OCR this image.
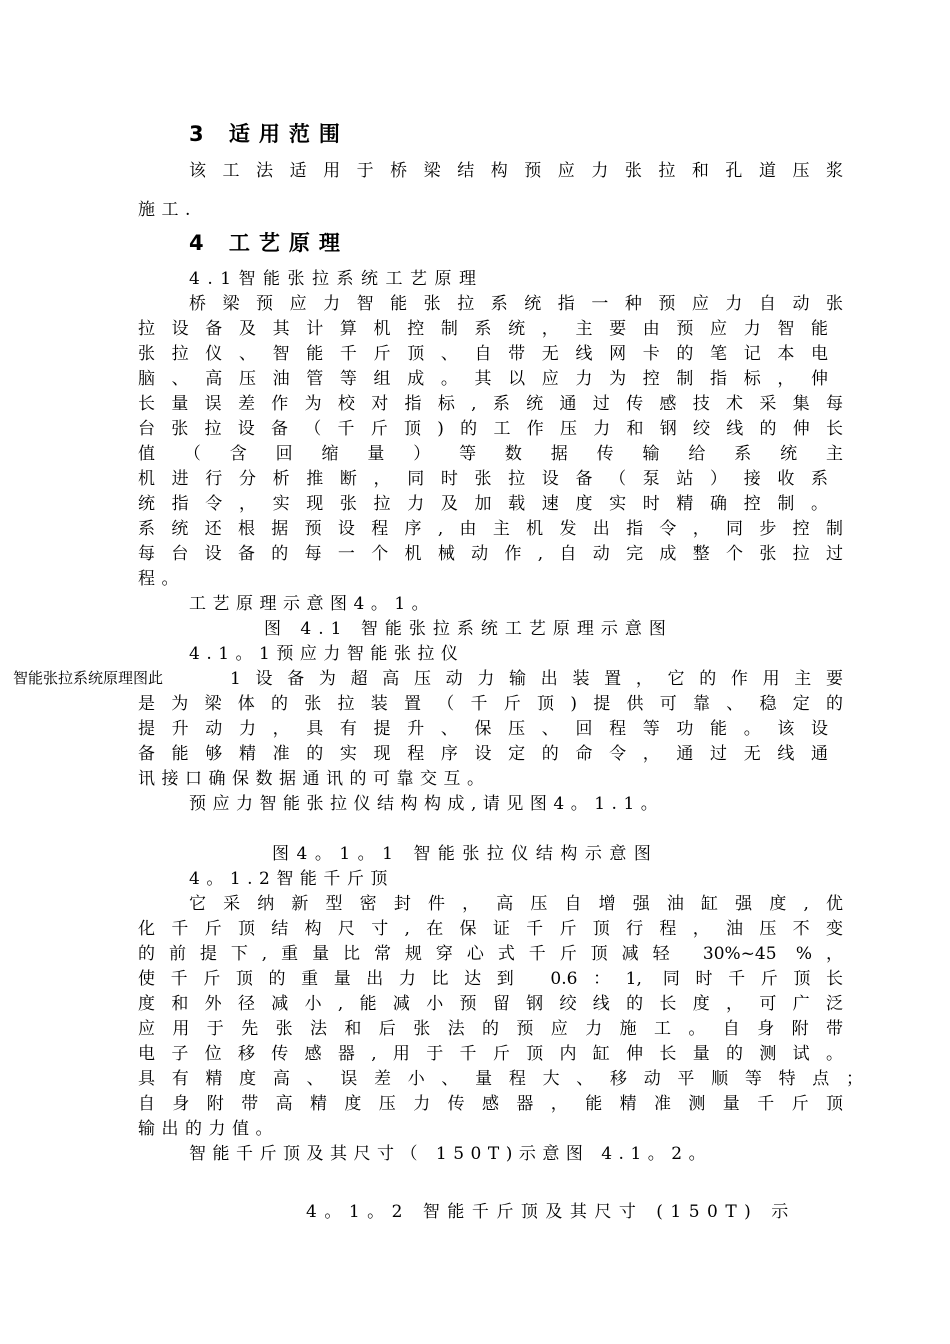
3 适用范围
该工法适用于桥梁结构预应力张拉和孔道压浆
施工.
4 工艺原理
4.1智能张拉系统工艺原理
桥梁预应力智能张拉系统指一种预应力自动张
拉设备及其计算机控制系统，主要由预应力智能
张拉仪、智能千斤顶、自带无线网卡的笔记本电
脑、高压油管等组成。其以应力为控制指标，伸
长量误差作为校对指标,系统通过传感技术采集每
台张拉设备（千斤顶)的工作压力和钢绞线的伸长
值（含回缩量）等数据传输给系统主
机进行分析推断，同时张拉设备（泵站）接收系
统指令，实现张拉力及加载速度实时精确控制。
系统还根据预设程序,由主机发出指令，同步控制
每台设备的每一个机械动作,自动完成整个张拉过
程。
工艺原理示意图4。1。
图 4.1 智能张拉系统工艺原理示意图
4.1。1预应力智能张拉仪
智能张拉系统原理图此	1设备为超高压动力输出装置，它的作用主要
是为梁体的张拉装置（千斤顶)提供可靠、稳定的
提升动力，具有提升、保压、回程等功能。该设
备能够精准的实现程序设定的命令，通过无线通
讯接口确保数据通讯的可靠交互。
预应力智能张拉仪结构构成,请见图4。1.1。
图4。1。1 智能张拉仪结构示意图
4。1.2智能千斤顶
它采纳新型密封件，高压自增强油缸强度,优
化千斤顶结构尺寸,在保证千斤顶行程，油压不变
的前提下,重量比常规穿心式千斤顶减轻 30%~45 %，
使千斤顶的重量出力比达到 0.6：1, 同时千斤顶长
度和外径减小,能减小预留钢绞线的长度，可广泛
应用于先张法和后张法的预应力施工。自身附带
电子位移传感器,用于千斤顶内缸伸长量的测试。
具有精度高、误差小、量程大、移动平顺等特点；
自身附带高精度压力传感器，能精准测量千斤顶
输出的力值。
智能千斤顶及其尺寸（ 150T)示意图 4.1。2。
4。1。2 智能千斤顶及其尺寸 (150T) 示
